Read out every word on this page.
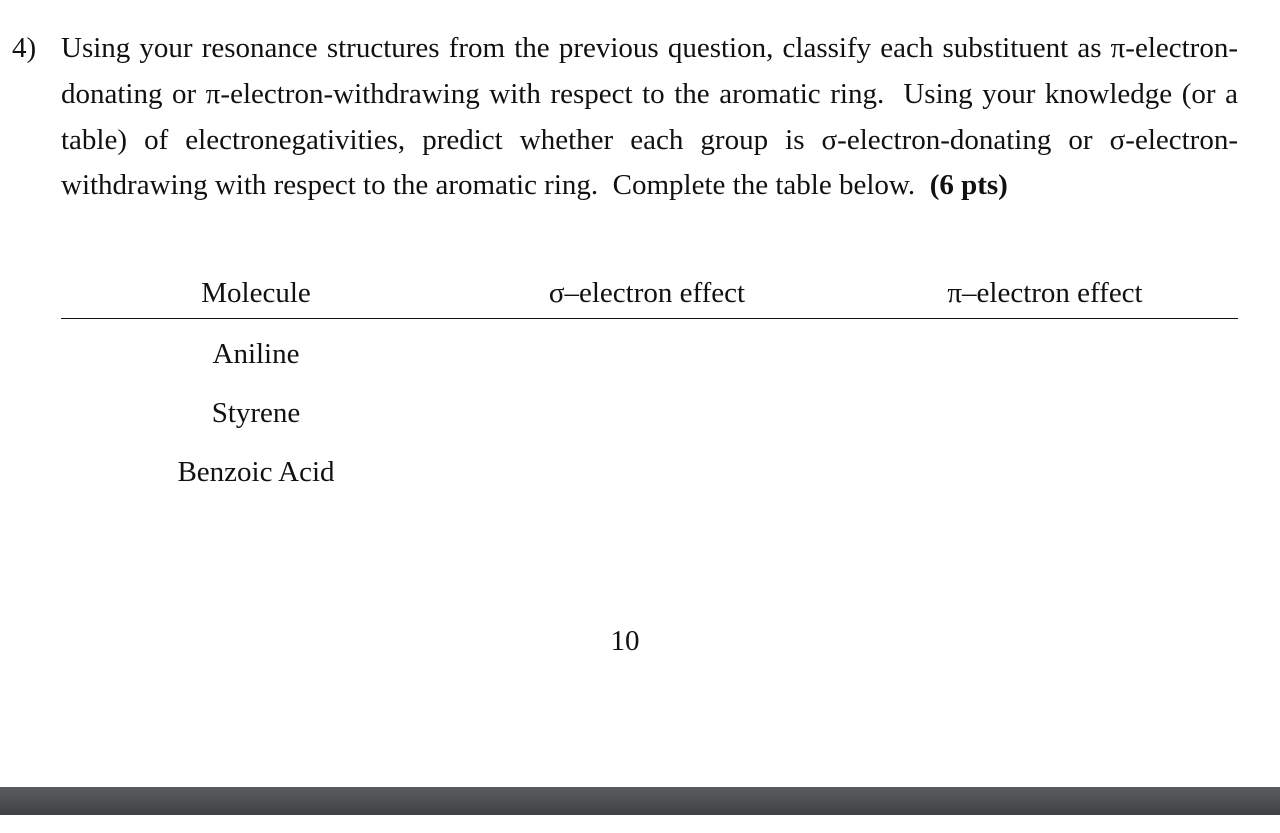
4) Using your resonance structures from the previous question, classify each substituent as π-electron-donating or π-electron-withdrawing with respect to the aromatic ring.  Using your knowledge (or a table) of electronegativities, predict whether each group is σ-electron-donating or σ-electron-withdrawing with respect to the aromatic ring.  Complete the table below.  (6 pts)
Molecule	σ–electron effect	π–electron effect
Aniline
Styrene
Benzoic Acid
10
